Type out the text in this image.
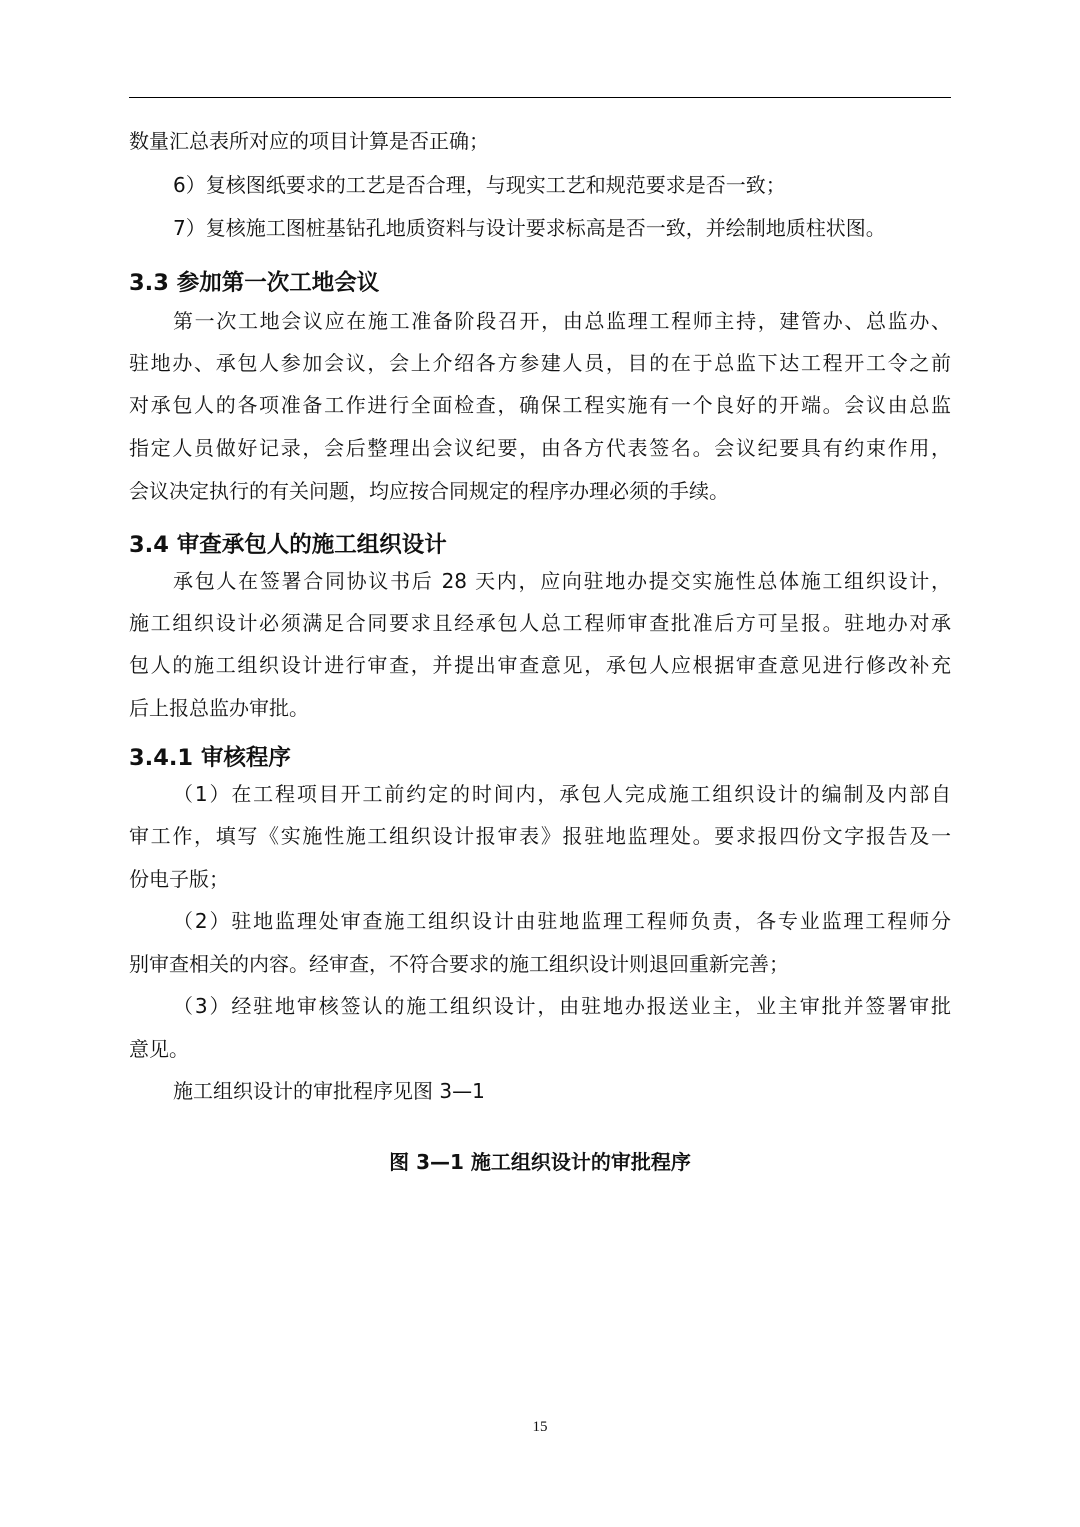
数量汇总表所对应的项目计算是否正确；
6）复核图纸要求的工艺是否合理，与现实工艺和规范要求是否一致；
7）复核施工图桩基钻孔地质资料与设计要求标高是否一致，并绘制地质柱状图。
3.3 参加第一次工地会议
第一次工地会议应在施工准备阶段召开，由总监理工程师主持，建管办、总监办、
驻地办、承包人参加会议，会上介绍各方参建人员，目的在于总监下达工程开工令之前
对承包人的各项准备工作进行全面检查，确保工程实施有一个良好的开端。会议由总监
指定人员做好记录，会后整理出会议纪要，由各方代表签名。会议纪要具有约束作用，
会议决定执行的有关问题，均应按合同规定的程序办理必须的手续。
3.4 审查承包人的施工组织设计
承包人在签署合同协议书后 28 天内，应向驻地办提交实施性总体施工组织设计，
施工组织设计必须满足合同要求且经承包人总工程师审查批准后方可呈报。驻地办对承
包人的施工组织设计进行审查，并提出审查意见，承包人应根据审查意见进行修改补充
后上报总监办审批。
3.4.1 审核程序
（1）在工程项目开工前约定的时间内，承包人完成施工组织设计的编制及内部自
审工作，填写《实施性施工组织设计报审表》报驻地监理处。要求报四份文字报告及一
份电子版；
（2）驻地监理处审查施工组织设计由驻地监理工程师负责，各专业监理工程师分
别审查相关的内容。经审查，不符合要求的施工组织设计则退回重新完善；
（3）经驻地审核签认的施工组织设计，由驻地办报送业主，业主审批并签署审批
意见。
施工组织设计的审批程序见图 3—1
图 3—1 施工组织设计的审批程序
15
